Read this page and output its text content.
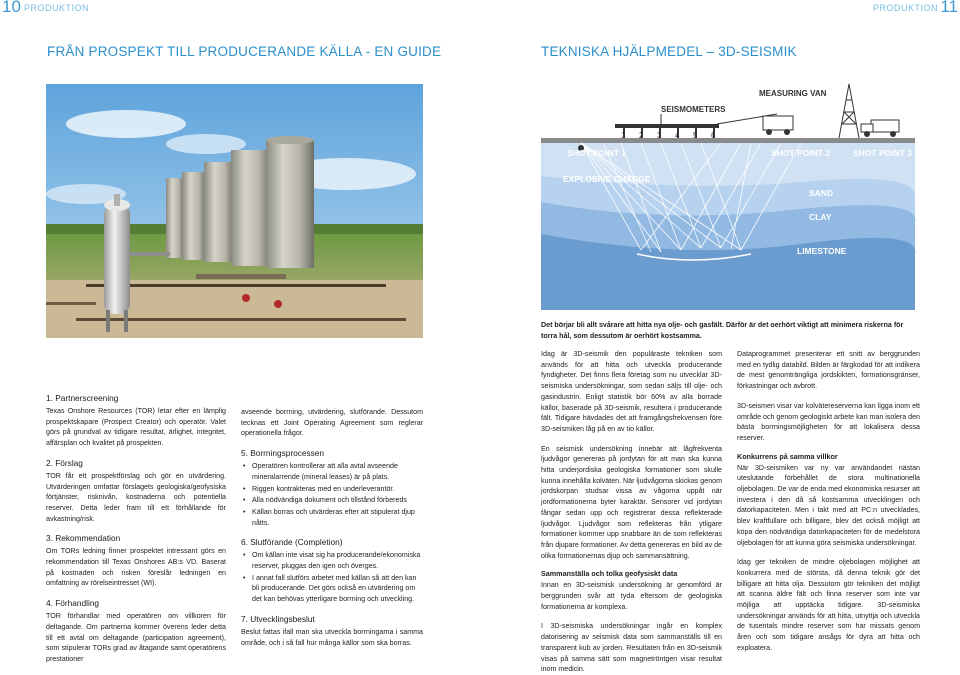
10 PRODUKTION	PRODUKTION 11
FRÅN PROSPEKT TILL PRODUCERANDE KÄLLA - EN GUIDE	TEKNISKA HJÄLPMEDEL – 3D-SEISMIK
SEISMOMETERS
MEASURING VAN
1 2 3 4 5 6
SHOT POINT 1
EXPLOSIVE CHARGE
SHOT POINT 2	SHOT POINT 3
SAND
CLAY
LIMESTONE
Det börjar bli allt svårare att hitta nya olje- och gasfält. Därför är det oerhört viktigt att minimera riskerna för torra hål, som dessutom är oerhört kostsamma.
1. Partnerscreening

Texas Onshore Resources (TOR) letar efter en lämplig prospektskapare (Prospect Creator) och operatör. Valet görs på grundval av tidigare resultat, ärlighet, integritet, affärsplan och kvalitet på prospekten.

2. Förslag

TOR får ett prospektförslag och gör en utvärdering. Utvärderingen omfattar förslagets geologiska/geofysiska förtjänster, risknivån, kostnaderna och potentiella reserver. Detta leder fram till ett förhållande för avkastning/risk.

3. Rekommendation

Om TORs ledning finner prospektet intressant görs en rekommendation till Texas Onshores AB:s VD. Baserat på kostnaden och risken föreslår ledningen en omfattning av rörelseintresset (WI).

4. Förhandling

TOR förhandlar med operatören om villkoren för deltagande. Om partnerna kommer överens leder detta till ett avtal om deltagande (participation agreement), som stipulerar TORs grad av åtagande samt operatörens prestationer

avseende borrning, utvärdering, slutförande. Dessutom tecknas ett Joint Operating Agreement som reglerar operationella frågor.

5. Borrningsprocessen
• Operatören kontrollerar att alla avtal avseende mineralarrende (mineral leases) är på plats.
• Riggen kontrakteras med en underleverantör.
• Alla nödvändiga dokument och tillstånd förbereds
• Källan borras och utvärderas efter att stipulerat djup nåtts.
6. Slutförande (Completion)
• Om källan inte visat sig ha producerande/ekonomiska reserver, pluggas den igen och överges.
• I annat fall slutförs arbetet med källan så att den kan bli producerande. Det görs också en utvärdering om det kan behövas ytterligare borrning och utveckling.
7. Utvecklingsbeslut

Beslut fattas ifall man ska utveckla borrningarna i samma område, och i så fall hur många källor som ska borras.

Idag är 3D-seismik den populäraste tekniken som används för att hitta och utveckla producerande fyndigheter. Det finns flera företag som nu utvecklar 3D-seismiska undersökningar, som sedan säljs till olje- och gasindustrin. Enligt statistik bör 60% av alla borrade källor, baserade på 3D-seismik, resultera i producerande fält. Tidigare hävdades det att framgångsfrekvensen före 3D-seismiken låg på en av tio källor.

En seismisk undersökning innebär att lågfrekventa ljudvågor genereras på jordytan för att man ska kunna hitta underjordiska geologiska formationer som skulle kunna innehålla kolväten. När ljudvågorna skickas genom jordskorpan studsar vissa av vågorna uppåt när jordformationerna byter karaktär. Sensorer vid jordytan fångar sedan upp och registrerar dessa reflekterade ljudvågor. Ljudvågor som reflekteras från ytligare formationer kommer upp snabbare än de som reflekteras från djupare formationer. Av detta genereras en bild av de olika formationernas djup och sammansättning.

Sammanställa och tolka geofysiskt data

Innan en 3D-seismisk undersökning är genomförd är berggrunden svår att tyda eftersom de geologiska formationerna är komplexa.

I 3D-seismiska undersökningar ingår en komplex datorisering av seismisk data som sammanställs till en transparent kub av jorden. Resultaten från en 3D-seismik visas på samma sätt som magnetröntgen visar resultat inom medicin.

Dataprogrammet presenterar ett snitt av berggrunden med en tydlig databild. Bilden är färgkodad för att indikera de mest genomträngliga jordskikten, formationsgränser, förkastningar och avbrott.

3D-seismen visar var kolvätereserverna kan ligga inom ett område och genom geologiskt arbete kan man isolera den bästa borrningsmöjligheten för att lokalisera dessa reserver.

Konkurrens på samma villkor

När 3D-seismiken var ny var användandet nästan uteslutande förbehållet de stora multinationella oljebolagen. De var de enda med ekonomiska resurser att investera i den då så kostsamma utvecklingen och datorkapaciteten. Men i takt med att PC:n utvecklades, blev kraftfullare och billigare, blev det också möjligt att köpa den nödvändiga datorkapaciteten för de medelstora oljebolagen för att kunna göra seismiska undersökningar.

Idag ger tekniken de mindre oljebolagen möjlighet att konkurrera med de största, då denna teknik gör det billigare att hitta olja. Dessutom gör tekniken det möjligt att scanna äldre fält och finna reserver som inte var möjliga att upptäcka tidigare. 3D-seismiska undersökningar används för att hitta, utnyttja och utveckla de tusentals mindre reserver som har missats genom åren och som tidigare ansågs för dyra att hitta och exploatera.
